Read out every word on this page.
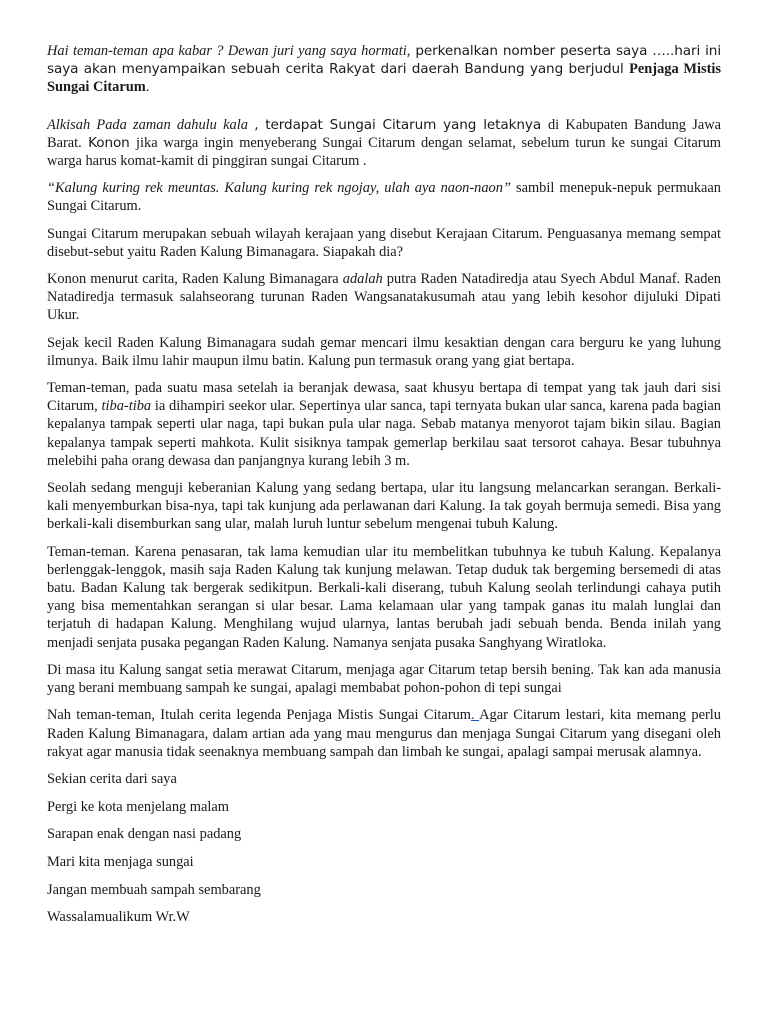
Hai teman-teman apa kabar ? Dewan juri yang saya hormati, perkenalkan nomber peserta saya …..hari ini saya akan menyampaikan sebuah cerita Rakyat dari daerah Bandung yang berjudul Penjaga Mistis Sungai Citarum.

Alkisah Pada zaman dahulu kala , terdapat Sungai Citarum yang letaknya di Kabupaten Bandung Jawa Barat. Konon jika warga ingin menyeberang Sungai Citarum dengan selamat, sebelum turun ke sungai Citarum warga harus komat-kamit di pinggiran sungai Citarum .

“Kalung kuring rek meuntas. Kalung kuring rek ngojay, ulah aya naon-naon” sambil menepuk-nepuk permukaan Sungai Citarum.

Sungai Citarum merupakan sebuah wilayah kerajaan yang disebut Kerajaan Citarum. Penguasanya memang sempat disebut-sebut yaitu Raden Kalung Bimanagara. Siapakah dia?

Konon menurut carita, Raden Kalung Bimanagara adalah putra Raden Natadiredja atau Syech Abdul Manaf. Raden Natadiredja termasuk salahseorang turunan Raden Wangsanatakusumah atau yang lebih kesohor dijuluki Dipati Ukur.

Sejak kecil Raden Kalung Bimanagara sudah gemar mencari ilmu kesaktian dengan cara berguru ke yang luhung ilmunya. Baik ilmu lahir maupun ilmu batin. Kalung pun termasuk orang yang giat bertapa.

Teman-teman, pada suatu masa setelah ia beranjak dewasa, saat khusyu bertapa di tempat yang tak jauh dari sisi Citarum, tiba-tiba ia dihampiri seekor ular. Sepertinya ular sanca, tapi ternyata bukan ular sanca, karena pada bagian kepalanya tampak seperti ular naga, tapi bukan pula ular naga. Sebab matanya menyorot tajam bikin silau. Bagian kepalanya tampak seperti mahkota. Kulit sisiknya tampak gemerlap berkilau saat tersorot cahaya. Besar tubuhnya melebihi paha orang dewasa dan panjangnya kurang lebih 3 m.

Seolah sedang menguji keberanian Kalung yang sedang bertapa, ular itu langsung melancarkan serangan. Berkali-kali menyemburkan bisa-nya, tapi tak kunjung ada perlawanan dari Kalung. Ia tak goyah bermuja semedi. Bisa yang berkali-kali disemburkan sang ular, malah luruh luntur sebelum mengenai tubuh Kalung.

Teman-teman. Karena penasaran, tak lama kemudian ular itu membelitkan tubuhnya ke tubuh Kalung. Kepalanya berlenggak-lenggok, masih saja Raden Kalung tak kunjung melawan. Tetap duduk tak bergeming bersemedi di atas batu. Badan Kalung tak bergerak sedikitpun. Berkali-kali diserang, tubuh Kalung seolah terlindungi cahaya putih yang bisa mementahkan serangan si ular besar. Lama kelamaan ular yang tampak ganas itu malah lunglai dan terjatuh di hadapan Kalung. Menghilang wujud ularnya, lantas berubah jadi sebuah benda. Benda inilah yang menjadi senjata pusaka pegangan Raden Kalung. Namanya senjata pusaka Sanghyang Wiratloka.

Di masa itu Kalung sangat setia merawat Citarum, menjaga agar Citarum tetap bersih bening. Tak kan ada manusia yang berani membuang sampah ke sungai, apalagi membabat pohon-pohon di tepi sungai

Nah teman-teman, Itulah cerita legenda Penjaga Mistis Sungai Citarum. Agar Citarum lestari, kita memang perlu Raden Kalung Bimanagara, dalam artian ada yang mau mengurus dan menjaga Sungai Citarum yang disegani oleh rakyat agar manusia tidak seenaknya membuang sampah dan limbah ke sungai, apalagi sampai merusak alamnya.

Sekian cerita dari saya

Pergi ke kota menjelang malam

Sarapan enak dengan nasi padang

Mari kita menjaga sungai

Jangan membuah sampah sembarang

Wassalamualikum Wr.W
